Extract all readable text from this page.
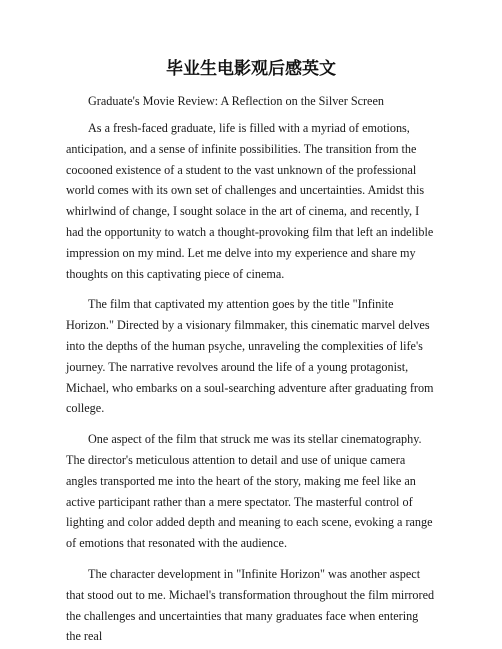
毕业生电影观后感英文

Graduate's Movie Review: A Reflection on the Silver Screen

As a fresh-faced graduate, life is filled with a myriad of emotions, anticipation, and a sense of infinite possibilities. The transition from the cocooned existence of a student to the vast unknown of the professional world comes with its own set of challenges and uncertainties. Amidst this whirlwind of change, I sought solace in the art of cinema, and recently, I had the opportunity to watch a thought-provoking film that left an indelible impression on my mind. Let me delve into my experience and share my thoughts on this captivating piece of cinema.

The film that captivated my attention goes by the title "Infinite Horizon." Directed by a visionary filmmaker, this cinematic marvel delves into the depths of the human psyche, unraveling the complexities of life's journey. The narrative revolves around the life of a young protagonist, Michael, who embarks on a soul-searching adventure after graduating from college.

One aspect of the film that struck me was its stellar cinematography. The director's meticulous attention to detail and use of unique camera angles transported me into the heart of the story, making me feel like an active participant rather than a mere spectator. The masterful control of lighting and color added depth and meaning to each scene, evoking a range of emotions that resonated with the audience.

The character development in "Infinite Horizon" was another aspect that stood out to me. Michael's transformation throughout the film mirrored the challenges and uncertainties that many graduates face when entering the real
